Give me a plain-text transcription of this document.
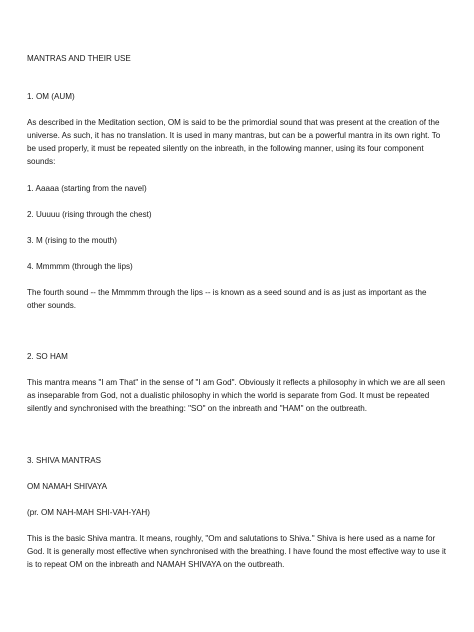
MANTRAS AND THEIR USE

1. OM (AUM)

As described in the Meditation section, OM is said to be the primordial sound that was present at the creation of the universe. As such, it has no translation. It is used in many mantras, but can be a powerful mantra in its own right. To be used properly, it must be repeated silently on the inbreath, in the following manner, using its four component sounds:

1. Aaaaa (starting from the navel)

2. Uuuuu (rising through the chest)

3. M (rising to the mouth)

4. Mmmmm (through the lips)

The fourth sound -- the Mmmmm through the lips -- is known as a seed sound and is as just as important as the other sounds.

2. SO HAM

This mantra means "I am That" in the sense of "I am God". Obviously it reflects a philosophy in which we are all seen as inseparable from God, not a dualistic philosophy in which the world is separate from God. It must be repeated silently and synchronised with the breathing: "SO" on the inbreath and "HAM" on the outbreath.

3. SHIVA MANTRAS

OM NAMAH SHIVAYA

(pr. OM NAH-MAH SHI-VAH-YAH)

This is the basic Shiva mantra. It means, roughly, "Om and salutations to Shiva." Shiva is here used as a name for God. It is generally most effective when synchronised with the breathing. I have found the most effective way to use it is to repeat OM on the inbreath and NAMAH SHIVAYA on the outbreath.
